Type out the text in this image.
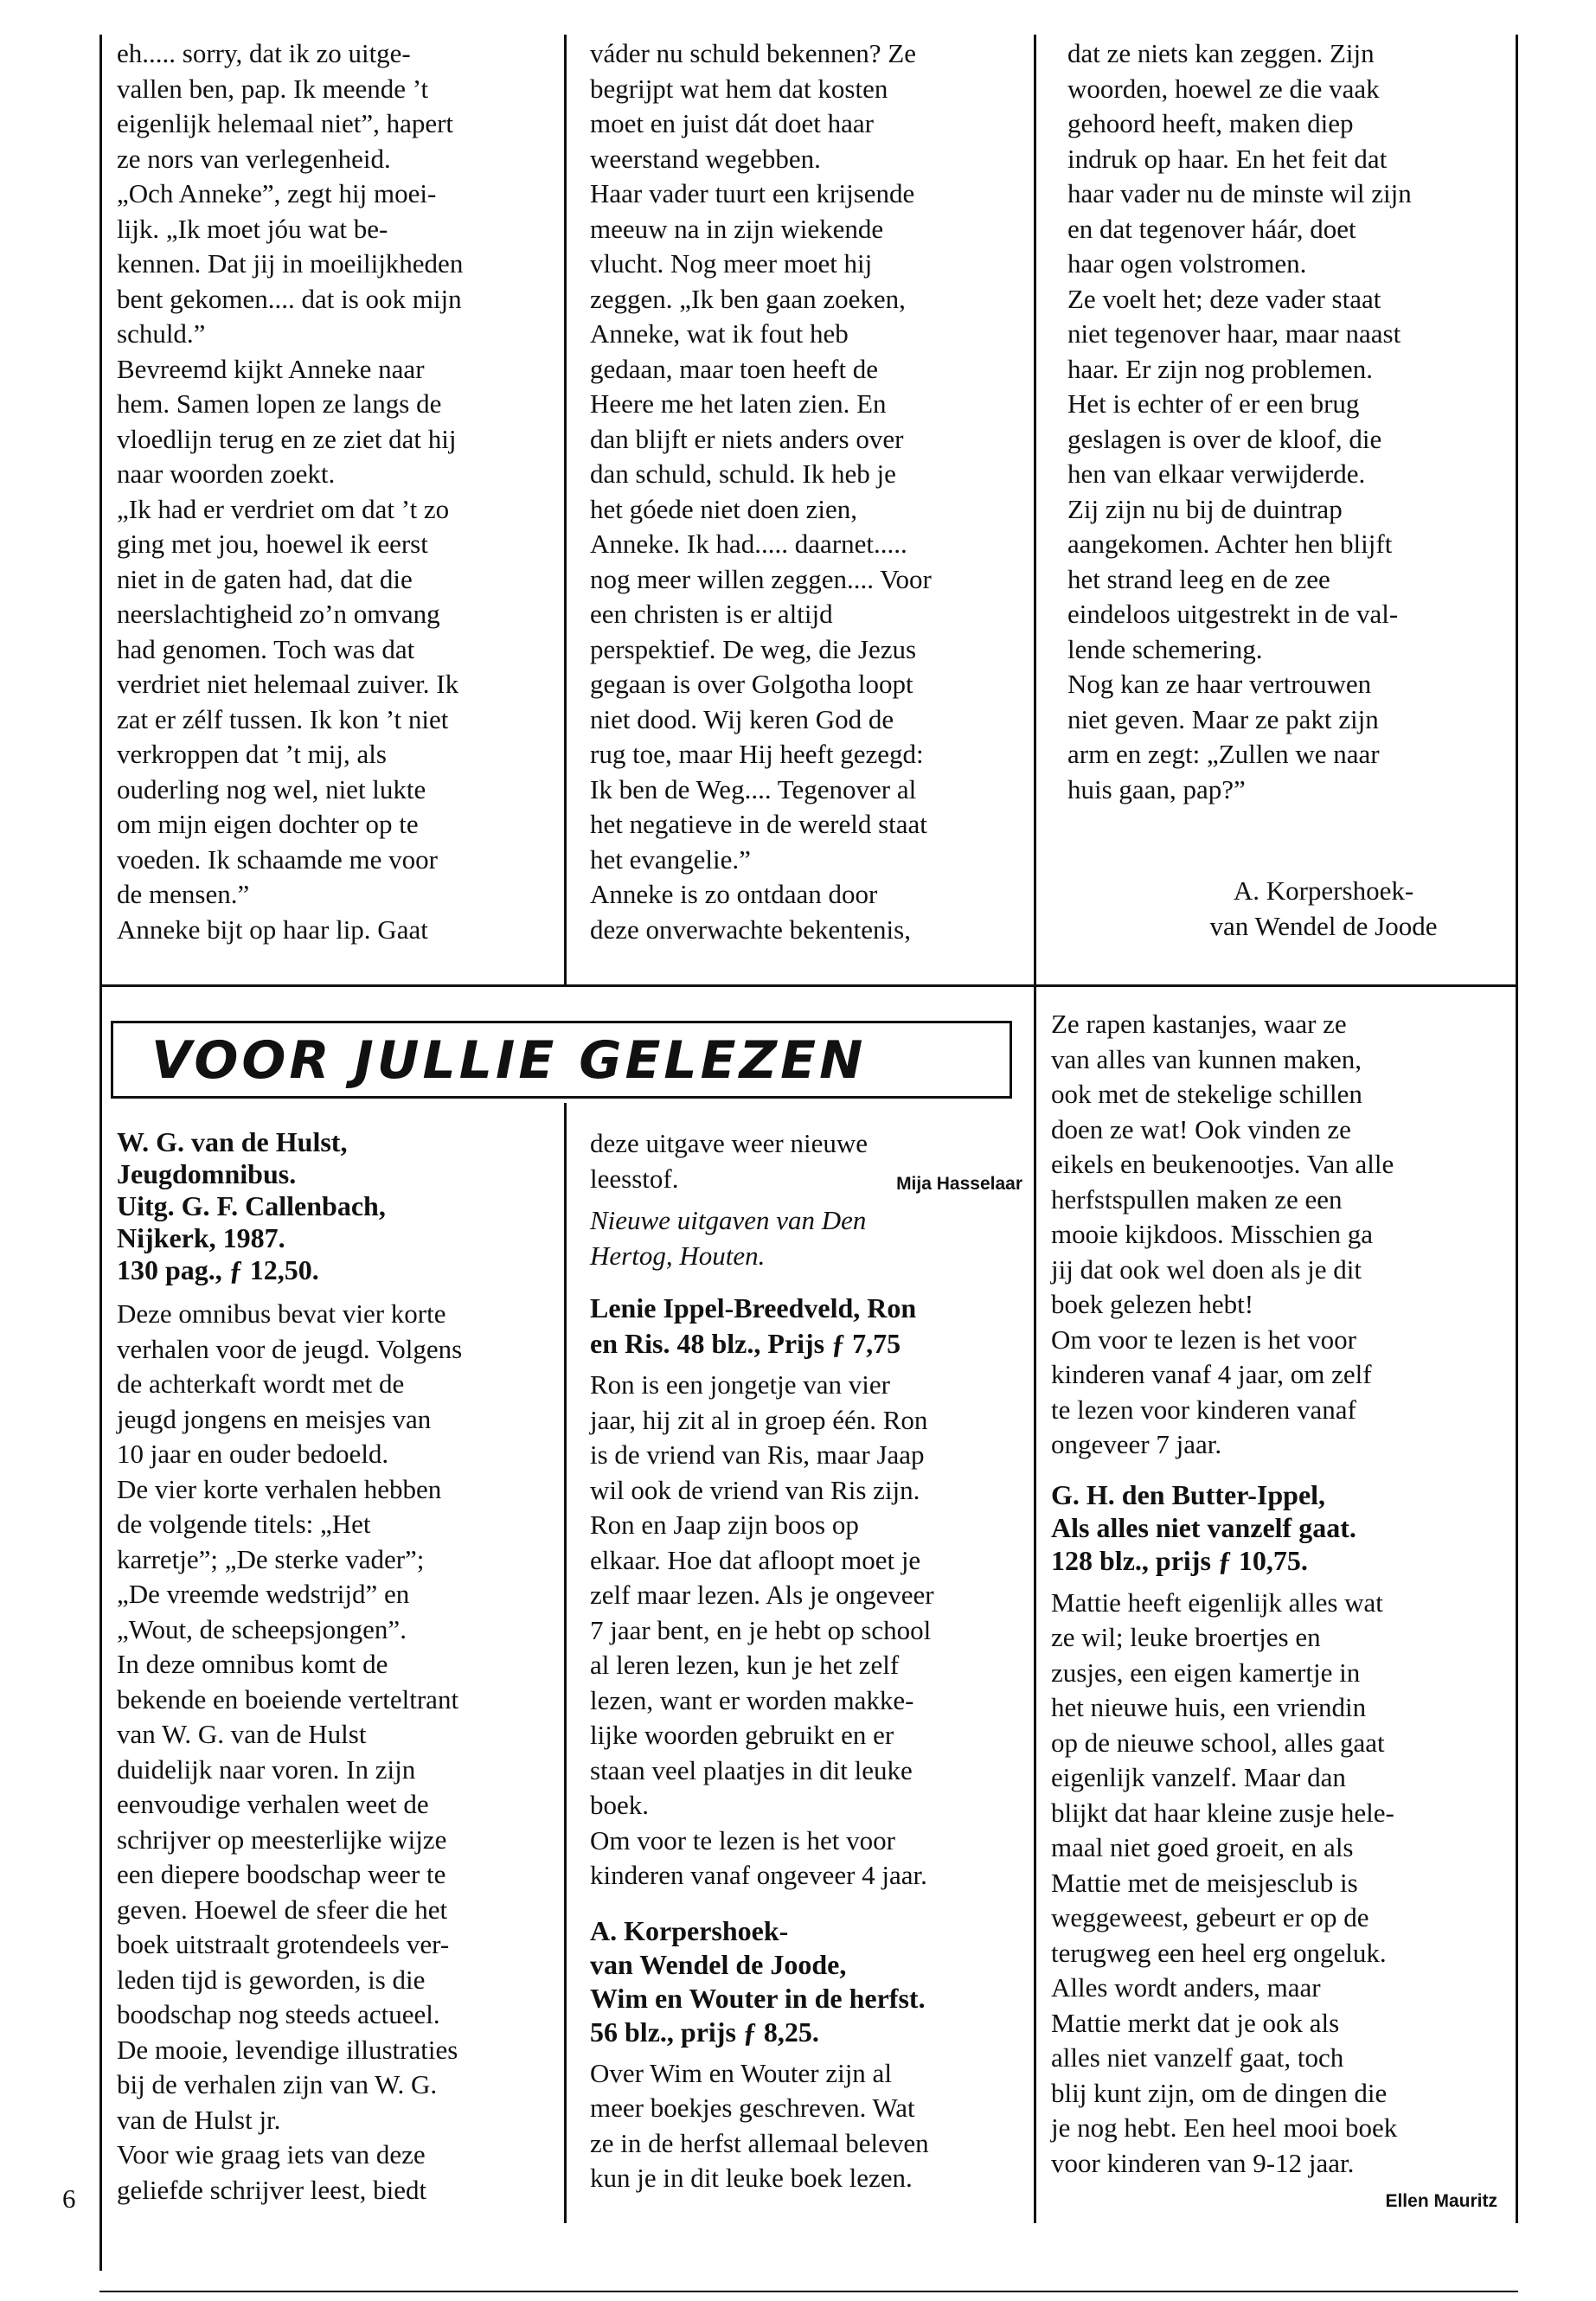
eh..... sorry, dat ik zo uitge-
vallen ben, pap. Ik meende ’t
eigenlijk helemaal niet”, hapert
ze nors van verlegenheid.
„Och Anneke”, zegt hij moei-
lijk. „Ik moet jóu wat be-
kennen. Dat jij in moeilijkheden
bent gekomen.... dat is ook mijn
schuld.”
Bevreemd kijkt Anneke naar
hem. Samen lopen ze langs de
vloedlijn terug en ze ziet dat hij
naar woorden zoekt.
„Ik had er verdriet om dat ’t zo
ging met jou, hoewel ik eerst
niet in de gaten had, dat die
neerslachtigheid zo’n omvang
had genomen. Toch was dat
verdriet niet helemaal zuiver. Ik
zat er zélf tussen. Ik kon ’t niet
verkroppen dat ’t mij, als
ouderling nog wel, niet lukte
om mijn eigen dochter op te
voeden. Ik schaamde me voor
de mensen.”
Anneke bijt op haar lip. Gaat
váder nu schuld bekennen? Ze
begrijpt wat hem dat kosten
moet en juist dát doet haar
weerstand wegebben.
Haar vader tuurt een krijsende
meeuw na in zijn wiekende
vlucht. Nog meer moet hij
zeggen. „Ik ben gaan zoeken,
Anneke, wat ik fout heb
gedaan, maar toen heeft de
Heere me het laten zien. En
dan blijft er niets anders over
dan schuld, schuld. Ik heb je
het góede niet doen zien,
Anneke. Ik had..... daarnet.....
nog meer willen zeggen.... Voor
een christen is er altijd
perspektief. De weg, die Jezus
gegaan is over Golgotha loopt
niet dood. Wij keren God de
rug toe, maar Hij heeft gezegd:
Ik ben de Weg.... Tegenover al
het negatieve in de wereld staat
het evangelie.”
Anneke is zo ontdaan door
deze onverwachte bekentenis,
dat ze niets kan zeggen. Zijn
woorden, hoewel ze die vaak
gehoord heeft, maken diep
indruk op haar. En het feit dat
haar vader nu de minste wil zijn
en dat tegenover háár, doet
haar ogen volstromen.
Ze voelt het; deze vader staat
niet tegenover haar, maar naast
haar. Er zijn nog problemen.
Het is echter of er een brug
geslagen is over de kloof, die
hen van elkaar verwijderde.
Zij zijn nu bij de duintrap
aangekomen. Achter hen blijft
het strand leeg en de zee
eindeloos uitgestrekt in de val-
lende schemering.
Nog kan ze haar vertrouwen
niet geven. Maar ze pakt zijn
arm en zegt: „Zullen we naar
huis gaan, pap?”
A. Korpershoek-
van Wendel de Joode
VOOR JULLIE GELEZEN
W. G. van de Hulst,
Jeugdomnibus.
Uitg. G. F. Callenbach,
Nijkerk, 1987.
130 pag., ƒ 12,50.
Deze omnibus bevat vier korte
verhalen voor de jeugd. Volgens
de achterkaft wordt met de
jeugd jongens en meisjes van
10 jaar en ouder bedoeld.
De vier korte verhalen hebben
de volgende titels: „Het
karretje”; „De sterke vader”;
„De vreemde wedstrijd” en
„Wout, de scheepsjongen”.
In deze omnibus komt de
bekende en boeiende verteltrant
van W. G. van de Hulst
duidelijk naar voren. In zijn
eenvoudige verhalen weet de
schrijver op meesterlijke wijze
een diepere boodschap weer te
geven. Hoewel de sfeer die het
boek uitstraalt grotendeels ver-
leden tijd is geworden, is die
boodschap nog steeds actueel.
De mooie, levendige illustraties
bij de verhalen zijn van W. G.
van de Hulst jr.
Voor wie graag iets van deze
geliefde schrijver leest, biedt
6
deze uitgave weer nieuwe
leesstof.	Mija Hasselaar
Nieuwe uitgaven van Den
Hertog, Houten.
Lenie Ippel-Breedveld, Ron
en Ris. 48 blz., Prijs ƒ 7,75
Ron is een jongetje van vier
jaar, hij zit al in groep één. Ron
is de vriend van Ris, maar Jaap
wil ook de vriend van Ris zijn.
Ron en Jaap zijn boos op
elkaar. Hoe dat afloopt moet je
zelf maar lezen. Als je ongeveer
7 jaar bent, en je hebt op school
al leren lezen, kun je het zelf
lezen, want er worden makke-
lijke woorden gebruikt en er
staan veel plaatjes in dit leuke
boek.
Om voor te lezen is het voor
kinderen vanaf ongeveer 4 jaar.
A. Korpershoek-
van Wendel de Joode,
Wim en Wouter in de herfst.
56 blz., prijs ƒ 8,25.
Over Wim en Wouter zijn al
meer boekjes geschreven. Wat
ze in de herfst allemaal beleven
kun je in dit leuke boek lezen.
Ze rapen kastanjes, waar ze
van alles van kunnen maken,
ook met de stekelige schillen
doen ze wat! Ook vinden ze
eikels en beukenootjes. Van alle
herfstspullen maken ze een
mooie kijkdoos. Misschien ga
jij dat ook wel doen als je dit
boek gelezen hebt!
Om voor te lezen is het voor
kinderen vanaf 4 jaar, om zelf
te lezen voor kinderen vanaf
ongeveer 7 jaar.
G. H. den Butter-Ippel,
Als alles niet vanzelf gaat.
128 blz., prijs ƒ 10,75.
Mattie heeft eigenlijk alles wat
ze wil; leuke broertjes en
zusjes, een eigen kamertje in
het nieuwe huis, een vriendin
op de nieuwe school, alles gaat
eigenlijk vanzelf. Maar dan
blijkt dat haar kleine zusje hele-
maal niet goed groeit, en als
Mattie met de meisjesclub is
weggeweest, gebeurt er op de
terugweg een heel erg ongeluk.
Alles wordt anders, maar
Mattie merkt dat je ook als
alles niet vanzelf gaat, toch
blij kunt zijn, om de dingen die
je nog hebt. Een heel mooi boek
voor kinderen van 9-12 jaar.
Ellen Mauritz
